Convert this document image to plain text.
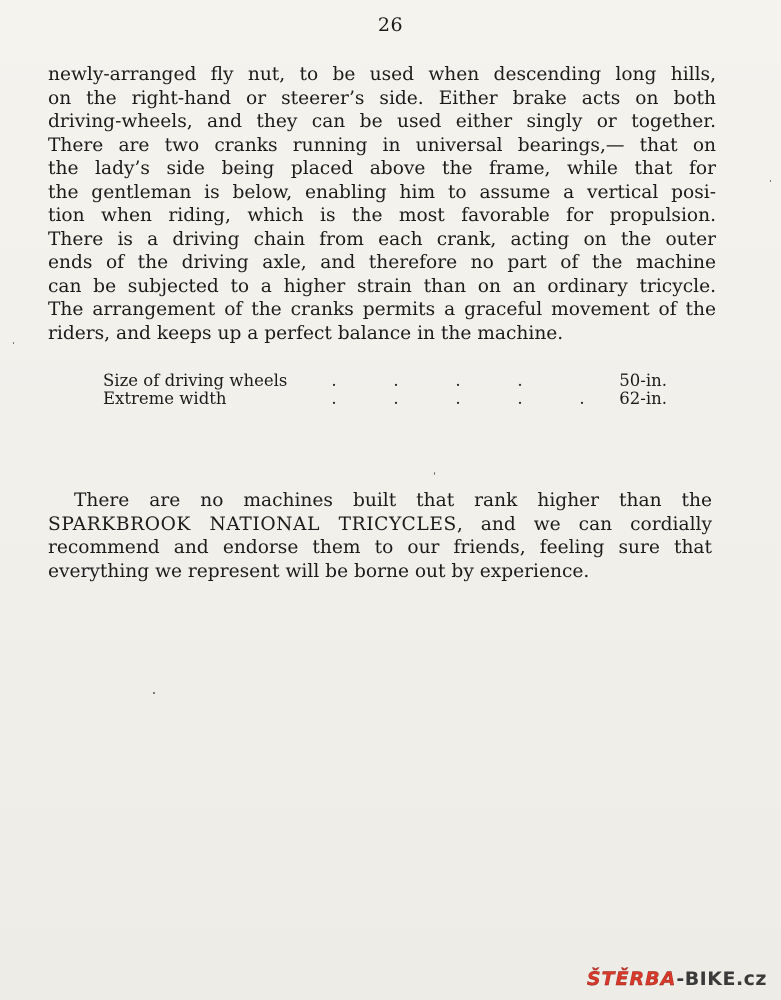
26
newly-arranged fly nut, to be used when descending long hills,
on the right-hand or steerer’s side. Either brake acts on both
driving-wheels, and they can be used either singly or together.
There are two cranks running in universal bearings,— that on
the lady’s side being placed above the frame, while that for
the gentleman is below, enabling him to assume a vertical posi-
tion when riding, which is the most favorable for propulsion.
There is a driving chain from each crank, acting on the outer
ends of the driving axle, and therefore no part of the machine
can be subjected to a higher strain than on an ordinary tricycle.
The arrangement of the cranks permits a graceful movement of the
riders, and keeps up a perfect balance in the machine.
Size of driving wheels	. . . .	50-in.
Extreme width	. . . . .	62-in.
There are no machines built that rank higher than the
SPARKBROOK NATIONAL TRICYCLES, and we can cordially
recommend and endorse them to our friends, feeling sure that
everything we represent will be borne out by experience.
ŠTĚRBA-BIKE.cz
